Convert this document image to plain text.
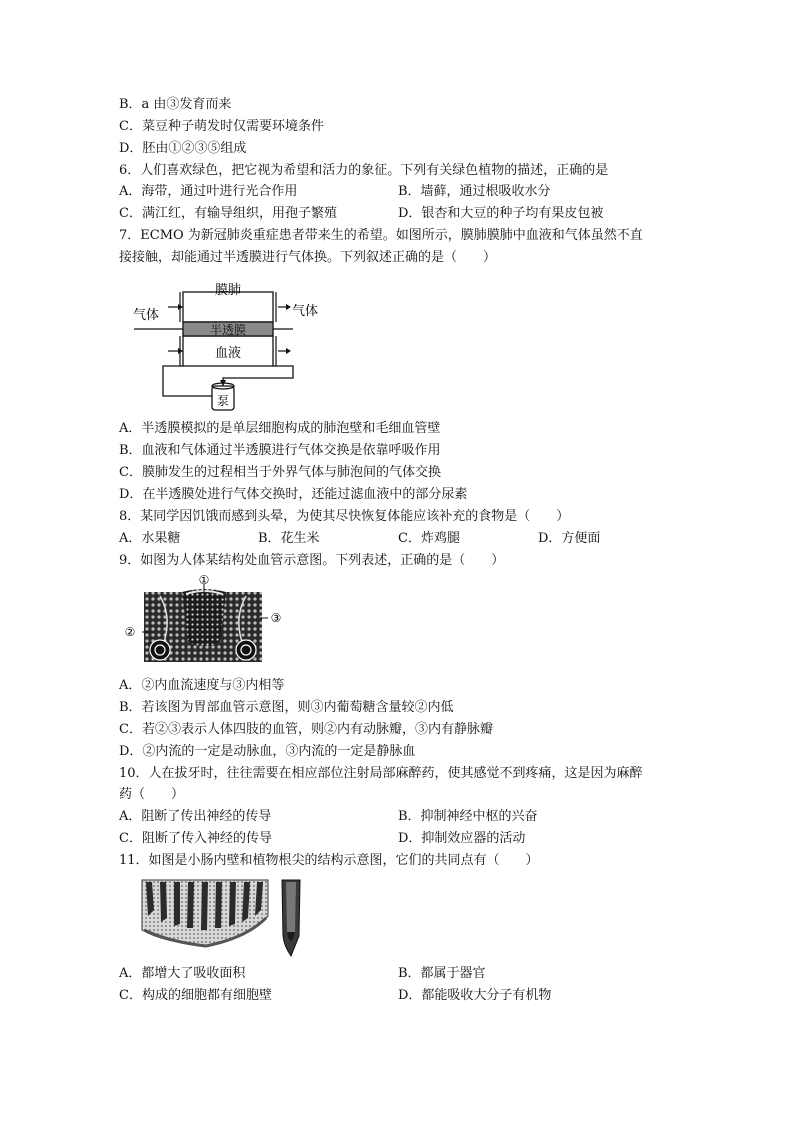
B．a 由③发育而来
C．菜豆种子萌发时仅需要环境条件
D．胚由①②③⑤组成
6．人们喜欢绿色，把它视为希望和活力的象征。下列有关绿色植物的描述，正确的是
A．海带，通过叶进行光合作用	B．墙藓，通过根吸收水分
C．满江红，有输导组织，用孢子繁殖	D．银杏和大豆的种子均有果皮包被
7．ECMO 为新冠肺炎重症患者带来生的希望。如图所示，膜肺膜肺中血液和气体虽然不直
接接触，却能通过半透膜进行气体换。下列叙述正确的是（　　）
膜肺
气体	气体
半透膜
血液
泵
A．半透膜模拟的是单层细胞构成的肺泡壁和毛细血管壁
B．血液和气体通过半透膜进行气体交换是依靠呼吸作用
C．膜肺发生的过程相当于外界气体与肺泡间的气体交换
D．在半透膜处进行气体交换时，还能过滤血液中的部分尿素
8．某同学因饥饿而感到头晕，为使其尽快恢复体能应该补充的食物是（　　）
A．水果糖	B．花生米	C．炸鸡腿	D．方便面
9．如图为人体某结构处血管示意图。下列表述，正确的是（　　）
①
②
③
A．②内血流速度与③内相等
B．若该图为胃部血管示意图，则③内葡萄糖含量较②内低
C．若②③表示人体四肢的血管，则②内有动脉瓣，③内有静脉瓣
D．②内流的一定是动脉血，③内流的一定是静脉血
10．人在拔牙时，往往需要在相应部位注射局部麻醉药，使其感觉不到疼痛，这是因为麻醉
药（　　）
A．阻断了传出神经的传导	B．抑制神经中枢的兴奋
C．阻断了传入神经的传导	D．抑制效应器的活动
11．如图是小肠内壁和植物根尖的结构示意图，它们的共同点有（　　）
A．都增大了吸收面积	B．都属于器官
C．构成的细胞都有细胞壁	D．都能吸收大分子有机物
